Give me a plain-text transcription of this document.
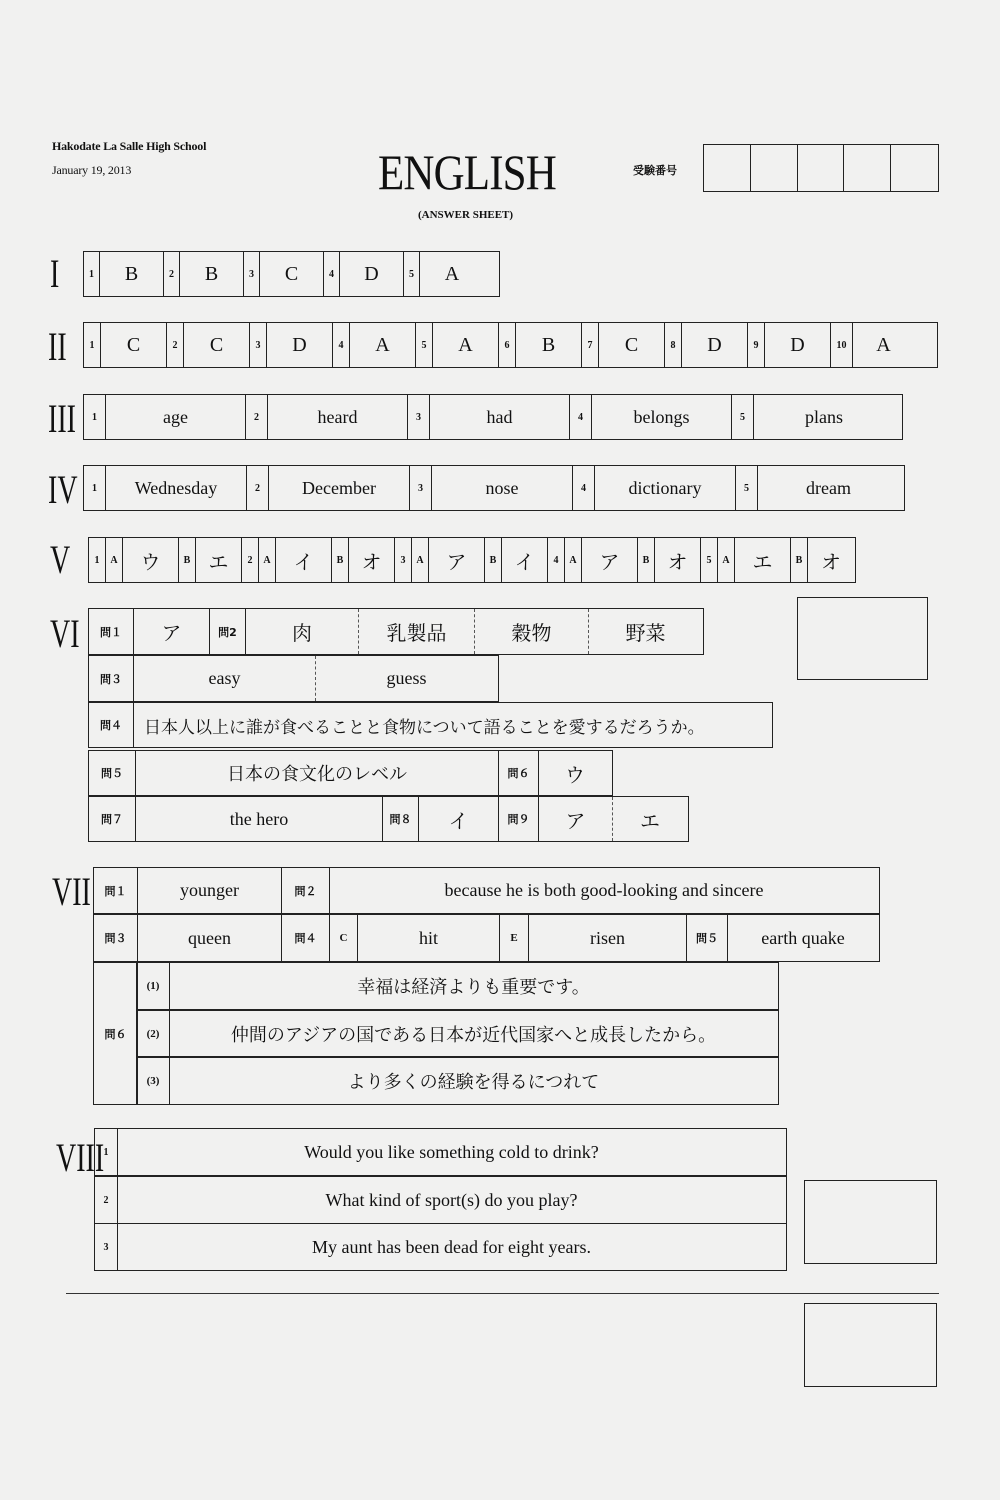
Hakodate La Salle High School
January 19, 2013	ENGLISH
(ANSWER SHEET)
受験番号
I	1	B	2	B	3	C	4	D	5	A
II	1	C	2	C	3	D	4	A	5	A	6	B	7	C	8	D	9	D	10	A
III	1	age	2	heard	3	had	4	belongs	5	plans
IV	1	Wednesday	2	December	3	nose	4	dictionary	5	dream
V	1	A	ウ	B エ	2	A	イ	B オ	3	A	ア	B イ	4	A	ア	B オ	5	A	エ	B オ
VI	問１	ア	問2	肉	乳製品	穀物	野菜
問３	easy	guess
問４	日本人以上に誰が食べることと食物について語ることを愛するだろうか。
問５	日本の食文化のレベル	問６	ウ
問７	the hero	問８	イ	問９	ア	エ
VII	問１	younger	問２	because he is both good-looking and sincere
問３	queen	問４	C	hit	E	risen	問５	earth quake
問６
(1)	幸福は経済よりも重要です。
(2)	仲間のアジアの国である日本が近代国家へと成長したから。
(3)	より多くの経験を得るにつれて
VIII 1	Would you like something cold to drink?
2	What kind of sport(s) do you play?
3	My aunt has been dead for eight years.
